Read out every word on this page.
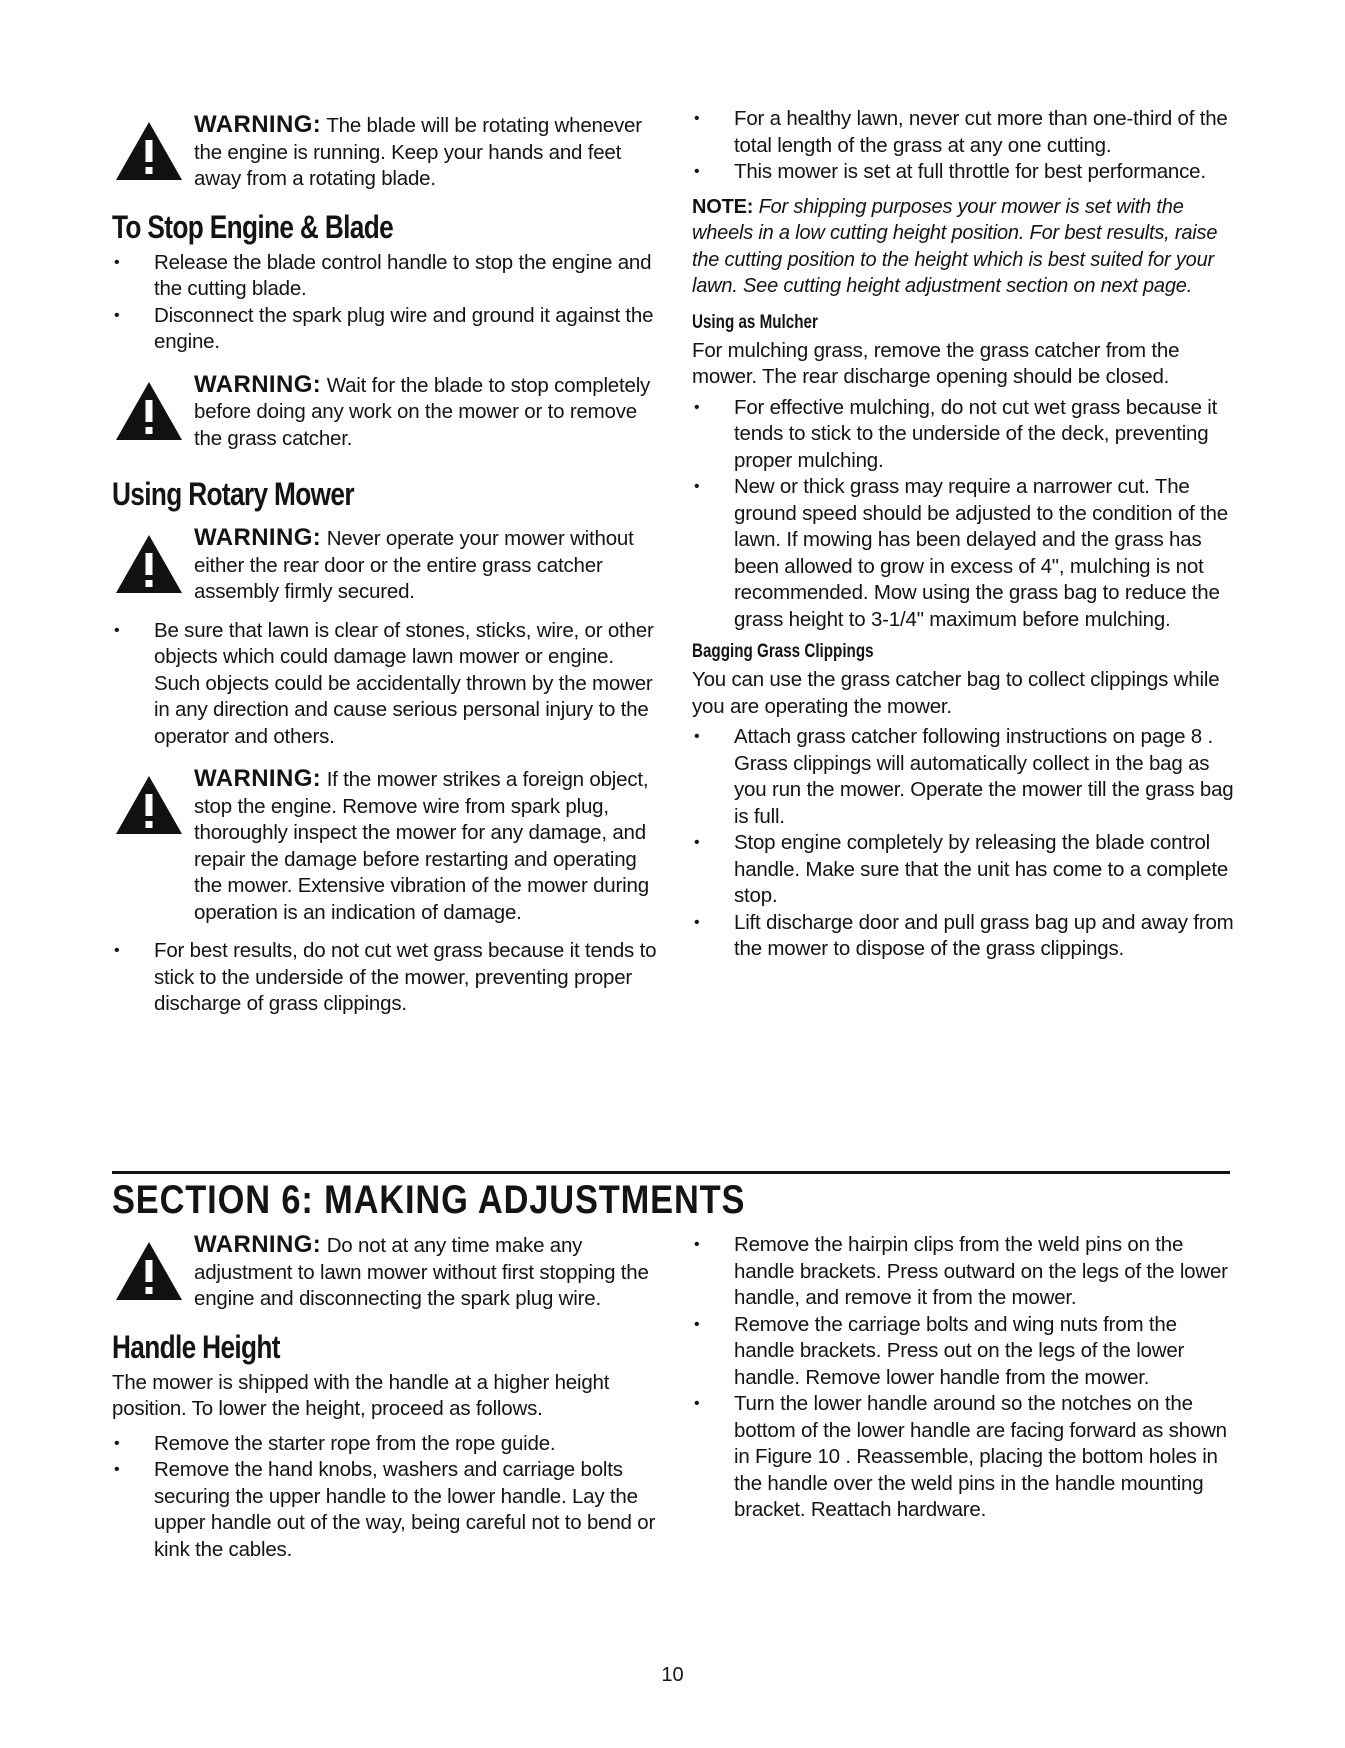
WARNING: The blade will be rotating whenever the engine is running. Keep your hands and feet away from a rotating blade.

To Stop Engine & Blade
• Release the blade control handle to stop the engine and the cutting blade.
• Disconnect the spark plug wire and ground it against the engine.

WARNING: Wait for the blade to stop completely before doing any work on the mower or to remove the grass catcher.

Using Rotary Mower

WARNING: Never operate your mower without either the rear door or the entire grass catcher assembly firmly secured.

• Be sure that lawn is clear of stones, sticks, wire, or other objects which could damage lawn mower or engine. Such objects could be accidentally thrown by the mower in any direction and cause serious personal injury to the operator and others.

WARNING: If the mower strikes a foreign object, stop the engine. Remove wire from spark plug, thoroughly inspect the mower for any damage, and repair the damage before restarting and operating the mower. Extensive vibration of the mower during operation is an indication of damage.

• For best results, do not cut wet grass because it tends to stick to the underside of the mower, preventing proper discharge of grass clippings.
• For a healthy lawn, never cut more than one-third of the total length of the grass at any one cutting.
• This mower is set at full throttle for best performance.

NOTE: For shipping purposes your mower is set with the wheels in a low cutting height position. For best results, raise the cutting position to the height which is best suited for your lawn. See cutting height adjustment section on next page.

Using as Mulcher

For mulching grass, remove the grass catcher from the mower. The rear discharge opening should be closed.

• For effective mulching, do not cut wet grass because it tends to stick to the underside of the deck, preventing proper mulching.
• New or thick grass may require a narrower cut. The ground speed should be adjusted to the condition of the lawn. If mowing has been delayed and the grass has been allowed to grow in excess of 4", mulching is not recommended. Mow using the grass bag to reduce the grass height to 3-1/4" maximum before mulching.
Bagging Grass Clippings

You can use the grass catcher bag to collect clippings while you are operating the mower.

• Attach grass catcher following instructions on page 8 . Grass clippings will automatically collect in the bag as you run the mower. Operate the mower till the grass bag is full.
• Stop engine completely by releasing the blade control handle. Make sure that the unit has come to a complete stop.
• Lift discharge door and pull grass bag up and away from the mower to dispose of the grass clippings.
SECTION 6: MAKING ADJUSTMENTS

WARNING: Do not at any time make any adjustment to lawn mower without first stopping the engine and disconnecting the spark plug wire.

Handle Height

The mower is shipped with the handle at a higher height position. To lower the height, proceed as follows.

• Remove the starter rope from the rope guide.
• Remove the hand knobs, washers and carriage bolts securing the upper handle to the lower handle. Lay the upper handle out of the way, being careful not to bend or kink the cables.
• Remove the hairpin clips from the weld pins on the handle brackets. Press outward on the legs of the lower handle, and remove it from the mower.
• Remove the carriage bolts and wing nuts from the handle brackets. Press out on the legs of the lower handle. Remove lower handle from the mower.
• Turn the lower handle around so the notches on the bottom of the lower handle are facing forward as shown in Figure 10 . Reassemble, placing the bottom holes in the handle over the weld pins in the handle mounting bracket. Reattach hardware.
10
